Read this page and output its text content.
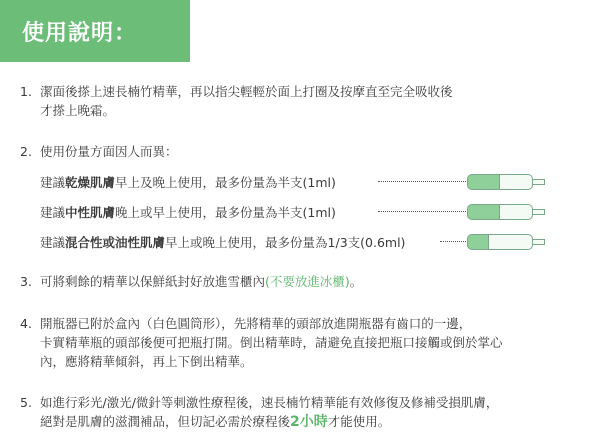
使用說明：
1. 潔面後搽上速長楠竹精華，再以指尖輕輕於面上打圈及按摩直至完全吸收後
才搽上晚霜。
2. 使用份量方面因人而異：
建議乾燥肌膚早上及晚上使用，最多份量為半支(1ml)
建議中性肌膚晚上或早上使用，最多份量為半支(1ml)
建議混合性或油性肌膚早上或晚上使用，最多份量為1/3支(0.6ml)
3. 可將剩餘的精華以保鮮紙封好放進雪櫃內(不要放進冰櫃)。
4. 開瓶器已附於盒內（白色圓筒形），先將精華的頭部放進開瓶器有齒口的一邊，
卡實精華瓶的頭部後便可把瓶打開。倒出精華時，請避免直接把瓶口接觸或倒於掌心
內，應將精華傾斜，再上下倒出精華。
5. 如進行彩光/激光/微針等刺激性療程後，速長楠竹精華能有效修復及修補受損肌膚，
絕對是肌膚的滋潤補品，但切記必需於療程後2小時才能使用。
